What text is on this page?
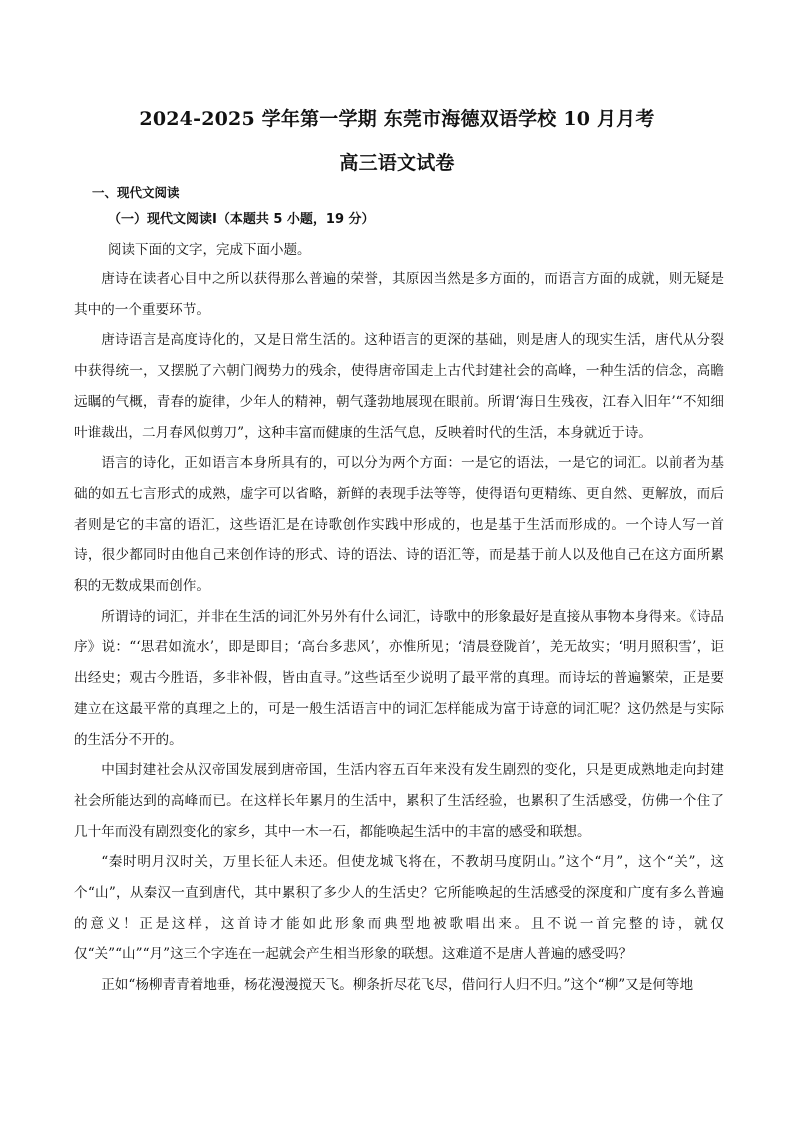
2024-2025 学年第一学期 东莞市海德双语学校 10 月月考
高三语文试卷
一、现代文阅读
（一）现代文阅读Ⅰ（本题共 5 小题，19 分）
阅读下面的文字，完成下面小题。

唐诗在读者心目中之所以获得那么普遍的荣誉，其原因当然是多方面的，而语言方面的成就，则无疑是其中的一个重要环节。

唐诗语言是高度诗化的，又是日常生活的。这种语言的更深的基础，则是唐人的现实生活，唐代从分裂中获得统一，又摆脱了六朝门阀势力的残余，使得唐帝国走上古代封建社会的高峰，一种生活的信念，高瞻远瞩的气概，青春的旋律，少年人的精神，朝气蓬勃地展现在眼前。所谓‘海日生残夜，江春入旧年’“不知细叶谁裁出，二月春风似剪刀”，这种丰富而健康的生活气息，反映着时代的生活，本身就近于诗。

语言的诗化，正如语言本身所具有的，可以分为两个方面：一是它的语法，一是它的词汇。以前者为基础的如五七言形式的成熟，虚字可以省略，新鲜的表现手法等等，使得语句更精练、更自然、更解放，而后者则是它的丰富的语汇，这些语汇是在诗歌创作实践中形成的，也是基于生活而形成的。一个诗人写一首诗，很少都同时由他自己来创作诗的形式、诗的语法、诗的语汇等，而是基于前人以及他自己在这方面所累积的无数成果而创作。

所谓诗的词汇，并非在生活的词汇外另外有什么词汇，诗歌中的形象最好是直接从事物本身得来。《诗品序》说：“‘思君如流水’，即是即目；‘高台多悲风’，亦惟所见；‘清晨登陇首’，羌无故实；‘明月照积雪’，讵出经史；观古今胜语，多非补假，皆由直寻。”这些话至少说明了最平常的真理。而诗坛的普遍繁荣，正是要建立在这最平常的真理之上的，可是一般生活语言中的词汇怎样能成为富于诗意的词汇呢？这仍然是与实际的生活分不开的。

中国封建社会从汉帝国发展到唐帝国，生活内容五百年来没有发生剧烈的变化，只是更成熟地走向封建社会所能达到的高峰而已。在这样长年累月的生活中，累积了生活经验，也累积了生活感受，仿佛一个住了几十年而没有剧烈变化的家乡，其中一木一石，都能唤起生活中的丰富的感受和联想。

“秦时明月汉时关，万里长征人未还。但使龙城飞将在，不教胡马度阴山。”这个“月”，这个“关”，这个“山”，从秦汉一直到唐代，其中累积了多少人的生活史？它所能唤起的生活感受的深度和广度有多么普遍的意义！正是这样，这首诗才能如此形象而典型地被歌唱出来。且不说一首完整的诗，就仅仅“关”“山”“月”这三个字连在一起就会产生相当形象的联想。这难道不是唐人普遍的感受吗？

正如“杨柳青青着地垂，杨花漫漫搅天飞。柳条折尽花飞尽，借问行人归不归。”这个“柳”又是何等地
